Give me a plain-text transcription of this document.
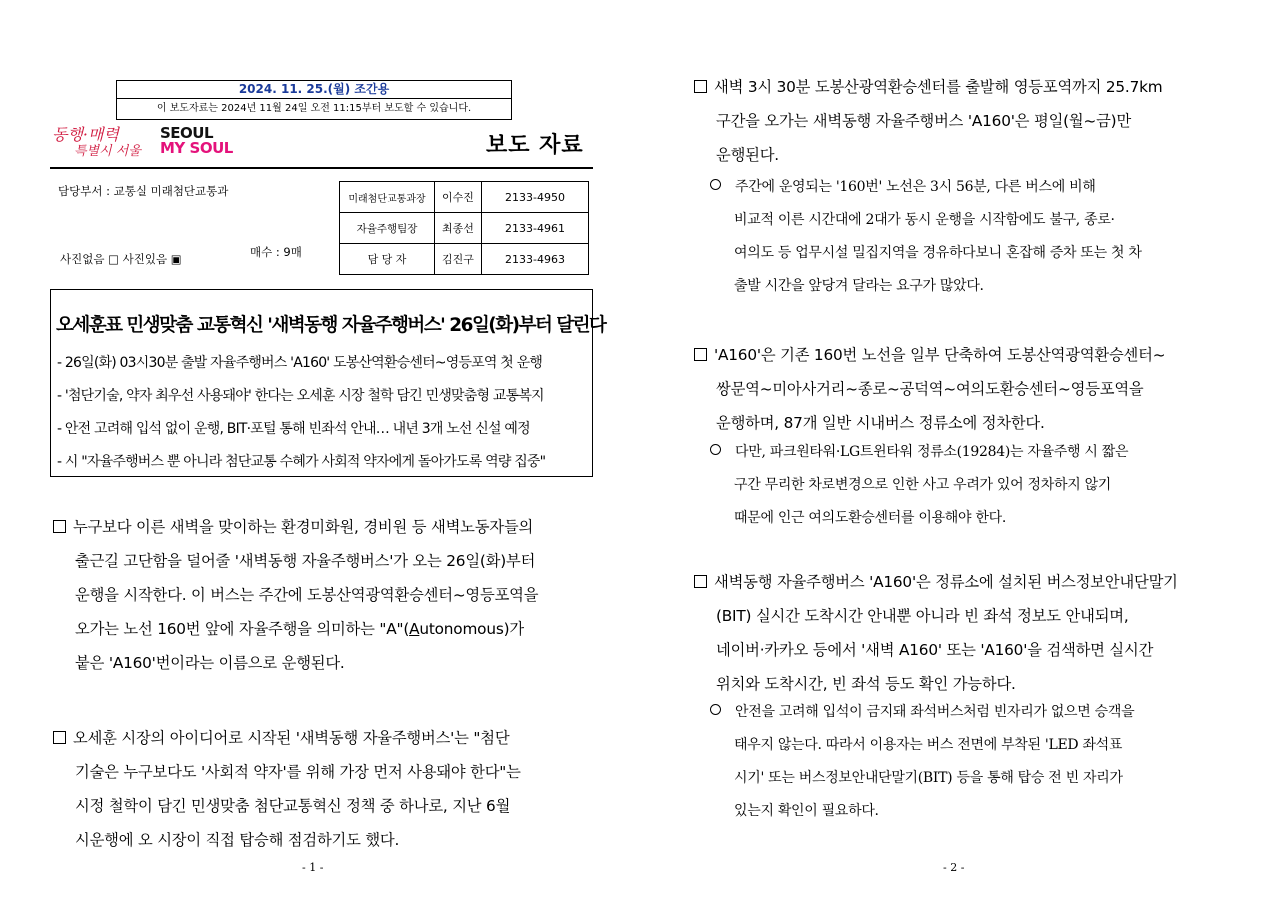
2024. 11. 25.(월) 조간용
이 보도자료는 2024년 11월 24일 오전 11:15부터 보도할 수 있습니다.
동행·매력
특별시 서울
SEOUL
MY SOUL	보도 자료
담당부서 : 교통실 미래첨단교통과
사진없음 □ 사진있음 ▣	매수 : 9매
미래첨단교통과장	이수진	2133-4950
자율주행팀장	최종선	2133-4961
담 당 자	김진구	2133-4963
오세훈표 민생맞춤 교통혁신 '새벽동행 자율주행버스' 26일(화)부터 달린다
- 26일(화) 03시30분 출발 자율주행버스 'A160' 도봉산역환승센터~영등포역 첫 운행
- '첨단기술, 약자 최우선 사용돼야' 한다는 오세훈 시장 철학 담긴 민생맞춤형 교통복지
- 안전 고려해 입석 없이 운행, BIT·포털 통해 빈좌석 안내… 내년 3개 노선 신설 예정
- 시 "자율주행버스 뿐 아니라 첨단교통 수혜가 사회적 약자에게 돌아가도록 역량 집중"
누구보다 이른 새벽을 맞이하는 환경미화원, 경비원 등 새벽노동자들의
출근길 고단함을 덜어줄 '새벽동행 자율주행버스'가 오는 26일(화)부터
운행을 시작한다. 이 버스는 주간에 도봉산역광역환승센터~영등포역을
오가는 노선 160번 앞에 자율주행을 의미하는 "A"(Autonomous)가
붙은 'A160'번이라는 이름으로 운행된다.
오세훈 시장의 아이디어로 시작된 '새벽동행 자율주행버스'는 "첨단
기술은 누구보다도 '사회적 약자'를 위해 가장 먼저 사용돼야 한다"는
시정 철학이 담긴 민생맞춤 첨단교통혁신 정책 중 하나로, 지난 6월
시운행에 오 시장이 직접 탑승해 점검하기도 했다.
- 1 -
새벽 3시 30분 도봉산광역환승센터를 출발해 영등포역까지 25.7km
구간을 오가는 새벽동행 자율주행버스 'A160'은 평일(월~금)만
운행된다.
주간에 운영되는 '160번' 노선은 3시 56분, 다른 버스에 비해
비교적 이른 시간대에 2대가 동시 운행을 시작함에도 불구, 종로·
여의도 등 업무시설 밀집지역을 경유하다보니 혼잡해 증차 또는 첫 차
출발 시간을 앞당겨 달라는 요구가 많았다.
'A160'은 기존 160번 노선을 일부 단축하여 도봉산역광역환승센터~
쌍문역~미아사거리~종로~공덕역~여의도환승센터~영등포역을
운행하며, 87개 일반 시내버스 정류소에 정차한다.
다만, 파크원타워·LG트윈타워 정류소(19284)는 자율주행 시 짧은
구간 무리한 차로변경으로 인한 사고 우려가 있어 정차하지 않기
때문에 인근 여의도환승센터를 이용해야 한다.
새벽동행 자율주행버스 'A160'은 정류소에 설치된 버스정보안내단말기
(BIT) 실시간 도착시간 안내뿐 아니라 빈 좌석 정보도 안내되며,
네이버·카카오 등에서 '새벽 A160' 또는 'A160'을 검색하면 실시간
위치와 도착시간, 빈 좌석 등도 확인 가능하다.
안전을 고려해 입석이 금지돼 좌석버스처럼 빈자리가 없으면 승객을
태우지 않는다. 따라서 이용자는 버스 전면에 부착된 'LED 좌석표
시기' 또는 버스정보안내단말기(BIT) 등을 통해 탑승 전 빈 자리가
있는지 확인이 필요하다.
- 2 -
